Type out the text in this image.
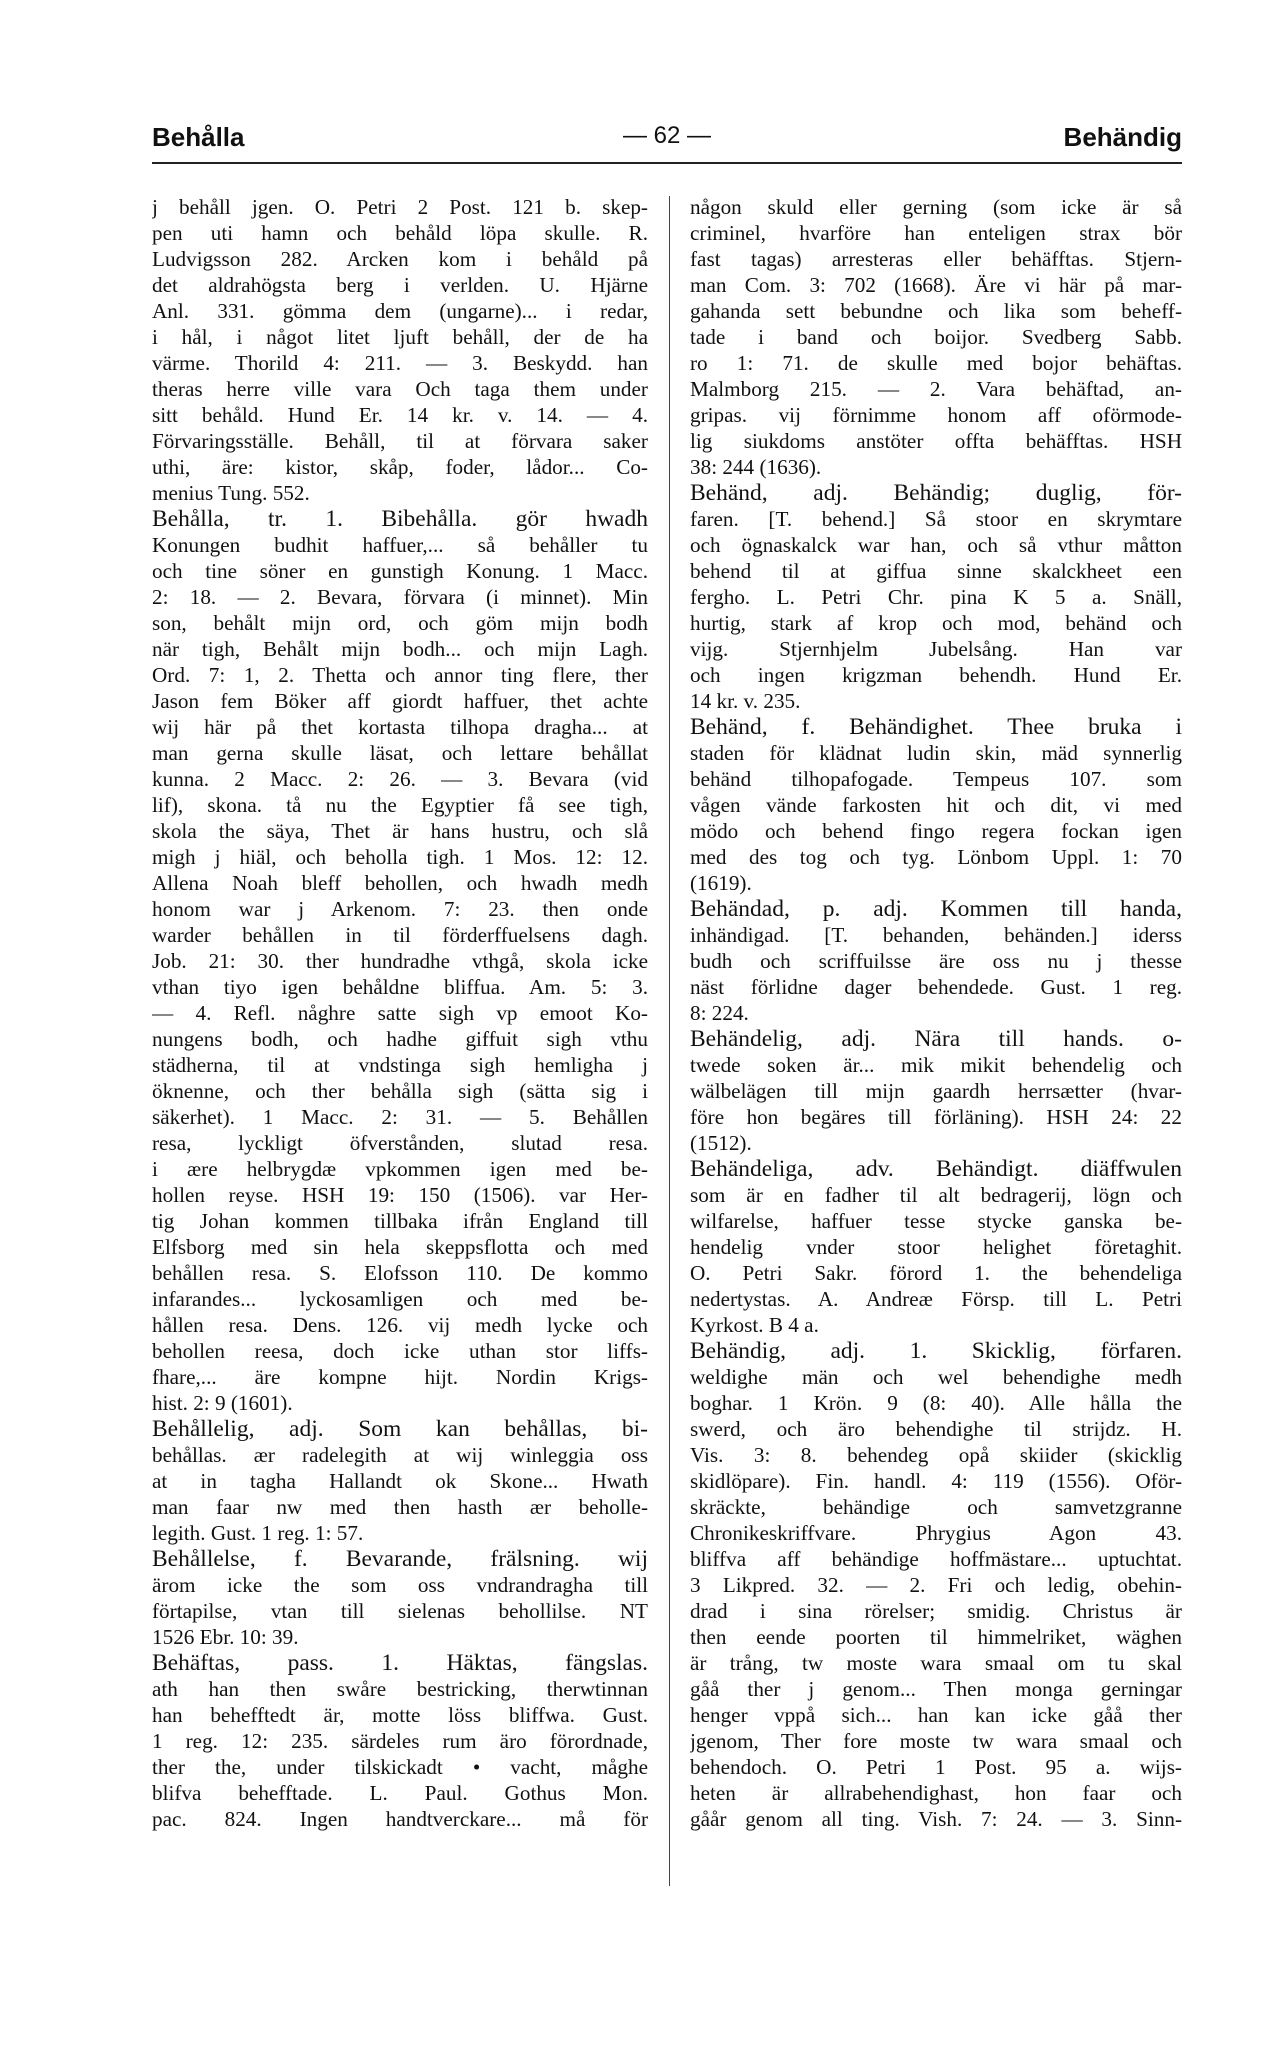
Behålla	— 62 —	Behändig
j behåll jgen. O. Petri 2 Post. 121 b. skep-
pen uti hamn och behåld löpa skulle. R.
Ludvigsson 282. Arcken kom i behåld på
det aldrahögsta berg i verlden. U. Hjärne
Anl. 331. gömma dem (ungarne)... i redar,
i hål, i något litet ljuft behåll, der de ha
värme. Thorild 4: 211. — 3. Beskydd. han
theras herre ville vara Och taga them under
sitt behåld. Hund Er. 14 kr. v. 14. — 4.
Förvaringsställe. Behåll, til at förvara saker
uthi, äre: kistor, skåp, foder, lådor... Co-
menius Tung. 552.
Behålla, tr. 1. Bibehålla. gör hwadh
Konungen budhit haffuer,... så behåller tu
och tine söner en gunstigh Konung. 1 Macc.
2: 18. — 2. Bevara, förvara (i minnet). Min
son, behålt mijn ord, och göm mijn bodh
när tigh, Behålt mijn bodh... och mijn Lagh.
Ord. 7: 1, 2. Thetta och annor ting flere, ther
Jason fem Böker aff giordt haffuer, thet achte
wij här på thet kortasta tilhopa dragha... at
man gerna skulle läsat, och lettare behållat
kunna. 2 Macc. 2: 26. — 3. Bevara (vid
lif), skona. tå nu the Egyptier få see tigh,
skola the säya, Thet är hans hustru, och slå
migh j hiäl, och beholla tigh. 1 Mos. 12: 12.
Allena Noah bleff behollen, och hwadh medh
honom war j Arkenom. 7: 23. then onde
warder behållen in til förderffuelsens dagh.
Job. 21: 30. ther hundradhe vthgå, skola icke
vthan tiyo igen behåldne bliffua. Am. 5: 3.
— 4. Refl. någhre satte sigh vp emoot Ko-
nungens bodh, och hadhe giffuit sigh vthu
städherna, til at vndstinga sigh hemligha j
öknenne, och ther behålla sigh (sätta sig i
säkerhet). 1 Macc. 2: 31. — 5. Behållen
resa, lyckligt öfverstånden, slutad resa.
i ære helbrygdæ vpkommen igen med be-
hollen reyse. HSH 19: 150 (1506). var Her-
tig Johan kommen tillbaka ifrån England till
Elfsborg med sin hela skeppsflotta och med
behållen resa. S. Elofsson 110. De kommo
infarandes... lyckosamligen och med be-
hållen resa. Dens. 126. vij medh lycke och
behollen reesa, doch icke uthan stor liffs-
fhare,... äre kompne hijt. Nordin Krigs-
hist. 2: 9 (1601).
Behållelig, adj. Som kan behållas, bi-
behållas. ær radelegith at wij winleggia oss
at in tagha Hallandt ok Skone... Hwath
man faar nw med then hasth ær beholle-
legith. Gust. 1 reg. 1: 57.
Behållelse, f. Bevarande, frälsning. wij
ärom icke the som oss vndrandragha till
förtapilse, vtan till sielenas behollilse. NT
1526 Ebr. 10: 39.
Behäftas, pass. 1. Häktas, fängslas.
ath han then swåre bestricking, therwtinnan
han behefftedt är, motte löss bliffwa. Gust.
1 reg. 12: 235. särdeles rum äro förordnade,
ther the, under tilskickadt • vacht, måghe
blifva behefftade. L. Paul. Gothus Mon.
pac. 824. Ingen handtverckare... må för
någon skuld eller gerning (som icke är så
criminel, hvarföre han enteligen strax bör
fast tagas) arresteras eller behäfftas. Stjern-
man Com. 3: 702 (1668). Äre vi här på mar-
gahanda sett bebundne och lika som beheff-
tade i band och boijor. Svedberg Sabb.
ro 1: 71. de skulle med bojor behäftas.
Malmborg 215. — 2. Vara behäftad, an-
gripas. vij förnimme honom aff oförmode-
lig siukdoms anstöter offta behäfftas. HSH
38: 244 (1636).
Behänd, adj. Behändig; duglig, för-
faren. [T. behend.] Så stoor en skrymtare
och ögnaskalck war han, och så vthur måtton
behend til at giffua sinne skalckheet een
fergho. L. Petri Chr. pina K 5 a. Snäll,
hurtig, stark af krop och mod, behänd och
vijg. Stjernhjelm Jubelsång. Han var
och ingen krigzman behendh. Hund Er.
14 kr. v. 235.
Behänd, f. Behändighet. Thee bruka i
staden för klädnat ludin skin, mäd synnerlig
behänd tilhopafogade. Tempeus 107. som
vågen vände farkosten hit och dit, vi med
mödo och behend fingo regera fockan igen
med des tog och tyg. Lönbom Uppl. 1: 70
(1619).
Behändad, p. adj. Kommen till handa,
inhändigad. [T. behanden, behänden.] iderss
budh och scriffuilsse äre oss nu j thesse
näst förlidne dager behendede. Gust. 1 reg.
8: 224.
Behändelig, adj. Nära till hands. o-
twede soken är... mik mikit behendelig och
wälbelägen till mijn gaardh herrsætter (hvar-
före hon begäres till förläning). HSH 24: 22
(1512).
Behändeliga, adv. Behändigt. diäffwulen
som är en fadher til alt bedragerij, lögn och
wilfarelse, haffuer tesse stycke ganska be-
hendelig vnder stoor helighet företaghit.
O. Petri Sakr. förord 1. the behendeliga
nedertystas. A. Andreæ Försp. till L. Petri
Kyrkost. B 4 a.
Behändig, adj. 1. Skicklig, förfaren.
weldighe män och wel behendighe medh
boghar. 1 Krön. 9 (8: 40). Alle hålla the
swerd, och äro behendighe til strijdz. H.
Vis. 3: 8. behendeg opå skiider (skicklig
skidlöpare). Fin. handl. 4: 119 (1556). Oför-
skräckte, behändige och samvetzgranne
Chronikeskriffvare. Phrygius Agon 43.
bliffva aff behändige hoffmästare... uptuchtat.
3 Likpred. 32. — 2. Fri och ledig, obehin-
drad i sina rörelser; smidig. Christus är
then eende poorten til himmelriket, wäghen
är trång, tw moste wara smaal om tu skal
gåå ther j genom... Then monga gerningar
henger vppå sich... han kan icke gåå ther
jgenom, Ther fore moste tw wara smaal och
behendoch. O. Petri 1 Post. 95 a. wijs-
heten är allrabehendighast, hon faar och
gåår genom all ting. Vish. 7: 24. — 3. Sinn-
